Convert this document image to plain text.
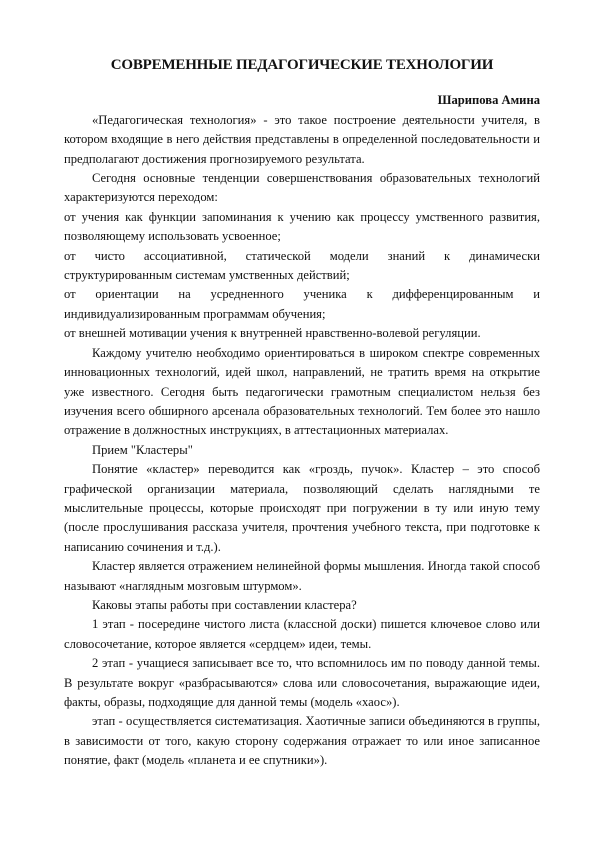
СОВРЕМЕННЫЕ ПЕДАГОГИЧЕСКИЕ ТЕХНОЛОГИИ
Шарипова Амина

«Педагогическая технология» - это такое построение деятельности учителя, в котором входящие в него действия представлены в определенной последовательности и предполагают достижения прогнозируемого результата.

Сегодня основные тенденции совершенствования образовательных технологий характеризуются переходом:

от учения как функции запоминания к учению как процессу умственного развития, позволяющему использовать усвоенное;

от чисто ассоциативной, статической модели знаний к динамически структурированным системам умственных действий;

от ориентации на усредненного ученика к дифференцированным и индивидуализированным программам обучения;

от внешней мотивации учения к внутренней нравственно-волевой регуляции.

Каждому учителю необходимо ориентироваться в широком спектре современных инновационных технологий, идей школ, направлений, не тратить время на открытие уже известного. Сегодня быть педагогически грамотным специалистом нельзя без изучения всего обширного арсенала образовательных технологий. Тем более это нашло отражение в должностных инструкциях, в аттестационных материалах.

Прием "Кластеры"

Понятие «кластер» переводится как «гроздь, пучок». Кластер – это способ графической организации материала, позволяющий сделать наглядными те мыслительные процессы, которые происходят при погружении в ту или иную тему (после прослушивания рассказа учителя, прочтения учебного текста, при подготовке к написанию сочинения и т.д.).

Кластер является отражением нелинейной формы мышления. Иногда такой способ называют «наглядным мозговым штурмом».

Каковы этапы работы при составлении кластера?

1 этап - посередине чистого листа (классной доски) пишется ключевое слово или словосочетание, которое является «сердцем» идеи, темы.

2 этап - учащиеся записывает все то, что вспомнилось им по поводу данной темы. В результате вокруг «разбрасываются» слова или словосочетания, выражающие идеи, факты, образы, подходящие для данной темы (модель «хаос»).

этап - осуществляется систематизация. Хаотичные записи объединяются в группы, в зависимости от того, какую сторону содержания отражает то или иное записанное понятие, факт (модель «планета и ее спутники»).
